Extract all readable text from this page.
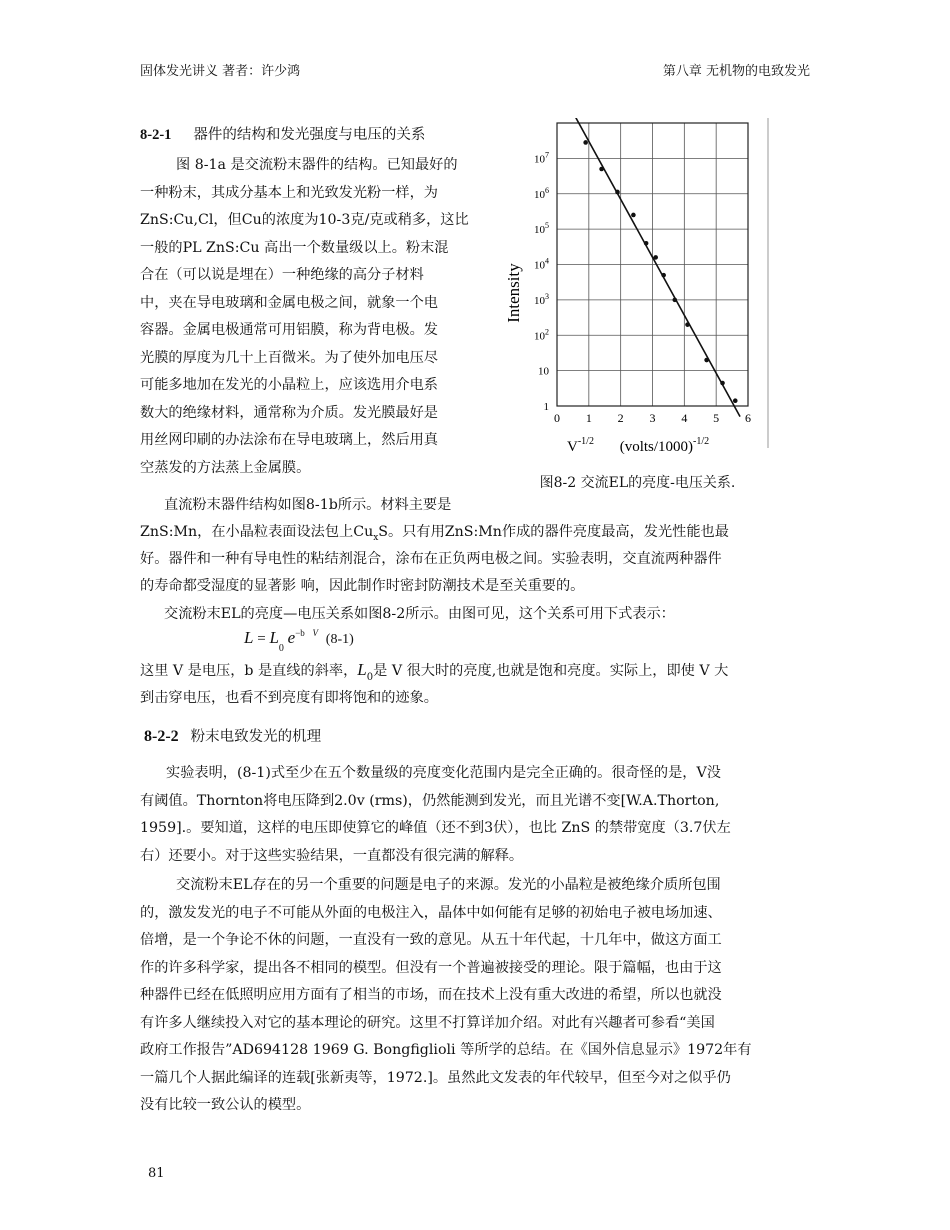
固体发光讲义 著者：许少鸿	第八章 无机物的电致发光
8-2-1 器件的结构和发光强度与电压的关系
图 8-1a 是交流粉末器件的结构。已知最好的
一种粉末，其成分基本上和光致发光粉一样，为
ZnS:Cu,Cl，但Cu的浓度为10-3克/克或稍多，这比
一般的PL ZnS:Cu 高出一个数量级以上。粉末混
合在（可以说是埋在）一种绝缘的高分子材料
中，夹在导电玻璃和金属电极之间，就象一个电
容器。金属电极通常可用铝膜，称为背电极。发
光膜的厚度为几十上百微米。为了使外加电压尽
可能多地加在发光的小晶粒上，应该选用介电系
数大的绝缘材料，通常称为介质。发光膜最好是
用丝网印刷的办法涂布在导电玻璃上，然后用真
空蒸发的方法蒸上金属膜。
0 1 2 3 4 5 6
1
10
$10^2$
$10^3$
$10^4$
$10^5$
$10^6$
$10^7$
Intensity
$V^{-1/2}$ (volts/1000)$^{-1/2}$
图8-2 交流EL的亮度-电压关系.
直流粉末器件结构如图8-1b所示。材料主要是
ZnS:Mn，在小晶粒表面设法包上$Cu_xS$。只有用ZnS:Mn作成的器件亮度最高，发光性能也最
好。器件和一种有导电性的粘结剂混合，涂布在正负两电极之间。实验表明，交直流两种器件
的寿命都受湿度的显著影 响，因此制作时密封防潮技术是至关重要的。
交流粉末EL的亮度—电压关系如图8-2所示。由图可见，这个关系可用下式表示：
$L = L_0$ $e^{-b}$ $^V$ (8-1)
这里 V 是电压，b 是直线的斜率，$L_0$是 V 很大时的亮度,也就是饱和亮度。实际上，即使 V 大
到击穿电压，也看不到亮度有即将饱和的迹象。
8-2-2 粉末电致发光的机理
实验表明，(8-1)式至少在五个数量级的亮度变化范围内是完全正确的。很奇怪的是，V没
有阈值。Thornton将电压降到2.0v (rms)，仍然能测到发光，而且光谱不变[W.A.Thorton,
1959].。要知道，这样的电压即使算它的峰值（还不到3伏），也比 ZnS 的禁带宽度（3.7伏左
右）还要小。对于这些实验结果，一直都没有很完满的解释。
交流粉末EL存在的另一个重要的问题是电子的来源。发光的小晶粒是被绝缘介质所包围
的，激发发光的电子不可能从外面的电极注入，晶体中如何能有足够的初始电子被电场加速、
倍增，是一个争论不休的问题，一直没有一致的意见。从五十年代起，十几年中，做这方面工
作的许多科学家，提出各不相同的模型。但没有一个普遍被接受的理论。限于篇幅，也由于这
种器件已经在低照明应用方面有了相当的市场，而在技术上没有重大改进的希望，所以也就没
有许多人继续投入对它的基本理论的研究。这里不打算详加介绍。对此有兴趣者可参看“美国
政府工作报告”AD694128 1969 G. Bongfiglioli 等所学的总结。在《国外信息显示》1972年有
一篇几个人据此编译的连载[张新夷等，1972.]。虽然此文发表的年代较早，但至今对之似乎仍
没有比较一致公认的模型。
81
